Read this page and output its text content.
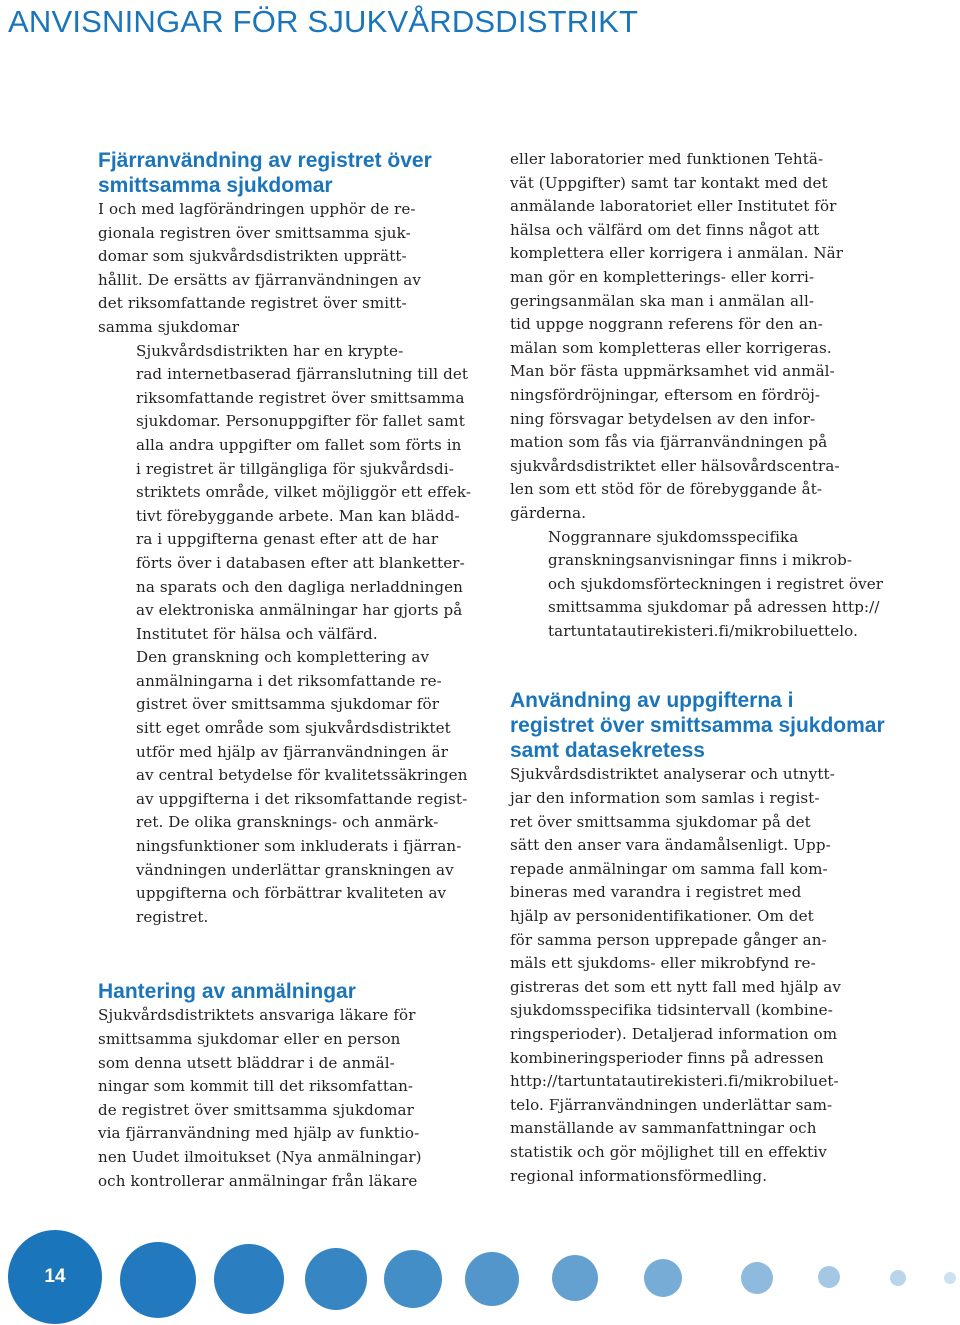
ANVISNINGAR FÖR SJUKVÅRDSDISTRIKT
Fjärranvändning av registret över
smittsamma sjukdomar

I och med lagförändringen upphör de re-
gionala registren över smittsamma sjuk-
domar som sjukvårdsdistrikten upprätt-
hållit. De ersätts av fjärranvändningen av
det riksomfattande registret över smitt-
samma sjukdomar

Sjukvårdsdistrikten har en krypte-
rad internetbaserad fjärranslutning till det
riksomfattande registret över smittsamma
sjukdomar. Personuppgifter för fallet samt
alla andra uppgifter om fallet som förts in
i registret är tillgängliga för sjukvårdsdi-
striktets område, vilket möjliggör ett effek-
tivt förebyggande arbete. Man kan blädd-
ra i uppgifterna genast efter att de har
förts över i databasen efter att blanketter-
na sparats och den dagliga nerladdningen
av elektroniska anmälningar har gjorts på
Institutet för hälsa och välfärd.

Den granskning och komplettering av
anmälningarna i det riksomfattande re-
gistret över smittsamma sjukdomar för
sitt eget område som sjukvårdsdistriktet
utför med hjälp av fjärranvändningen är
av central betydelse för kvalitetssäkringen
av uppgifterna i det riksomfattande regist-
ret. De olika gransknings- och anmärk-
ningsfunktioner som inkluderats i fjärran-
vändningen underlättar granskningen av
uppgifterna och förbättrar kvaliteten av
registret.

Hantering av anmälningar

Sjukvårdsdistriktets ansvariga läkare för
smittsamma sjukdomar eller en person
som denna utsett bläddrar i de anmäl-
ningar som kommit till det riksomfattan-
de registret över smittsamma sjukdomar
via fjärranvändning med hjälp av funktio-
nen Uudet ilmoitukset (Nya anmälningar)
och kontrollerar anmälningar från läkare

eller laboratorier med funktionen Tehtä-
vät (Uppgifter) samt tar kontakt med det
anmälande laboratoriet eller Institutet för
hälsa och välfärd om det finns något att
komplettera eller korrigera i anmälan. När
man gör en kompletterings- eller korri-
geringsanmälan ska man i anmälan all-
tid uppge noggrann referens för den an-
mälan som kompletteras eller korrigeras.
Man bör fästa uppmärksamhet vid anmäl-
ningsfördröjningar, eftersom en fördröj-
ning försvagar betydelsen av den infor-
mation som fås via fjärranvändningen på
sjukvårdsdistriktet eller hälsovårdscentra-
len som ett stöd för de förebyggande åt-
gärderna.

Noggrannare sjukdomsspecifika
granskningsanvisningar finns i mikrob-
och sjukdomsförteckningen i registret över
smittsamma sjukdomar på adressen http://
tartuntatautirekisteri.fi/mikrobiluettelo.

Användning av uppgifterna i
registret över smittsamma sjukdomar
samt datasekretess

Sjukvårdsdistriktet analyserar och utnytt-
jar den information som samlas i regist-
ret över smittsamma sjukdomar på det
sätt den anser vara ändamålsenligt. Upp-
repade anmälningar om samma fall kom-
bineras med varandra i registret med
hjälp av personidentifikationer. Om det
för samma person upprepade gånger an-
mäls ett sjukdoms- eller mikrobfynd re-
gistreras det som ett nytt fall med hjälp av
sjukdomsspecifika tidsintervall (kombine-
ringsperioder). Detaljerad information om
kombineringsperioder finns på adressen
http://tartuntatautirekisteri.fi/mikrobiluet-
telo. Fjärranvändningen underlättar sam-
manställande av sammanfattningar och
statistik och gör möjlighet till en effektiv
regional informationsförmedling.

14
